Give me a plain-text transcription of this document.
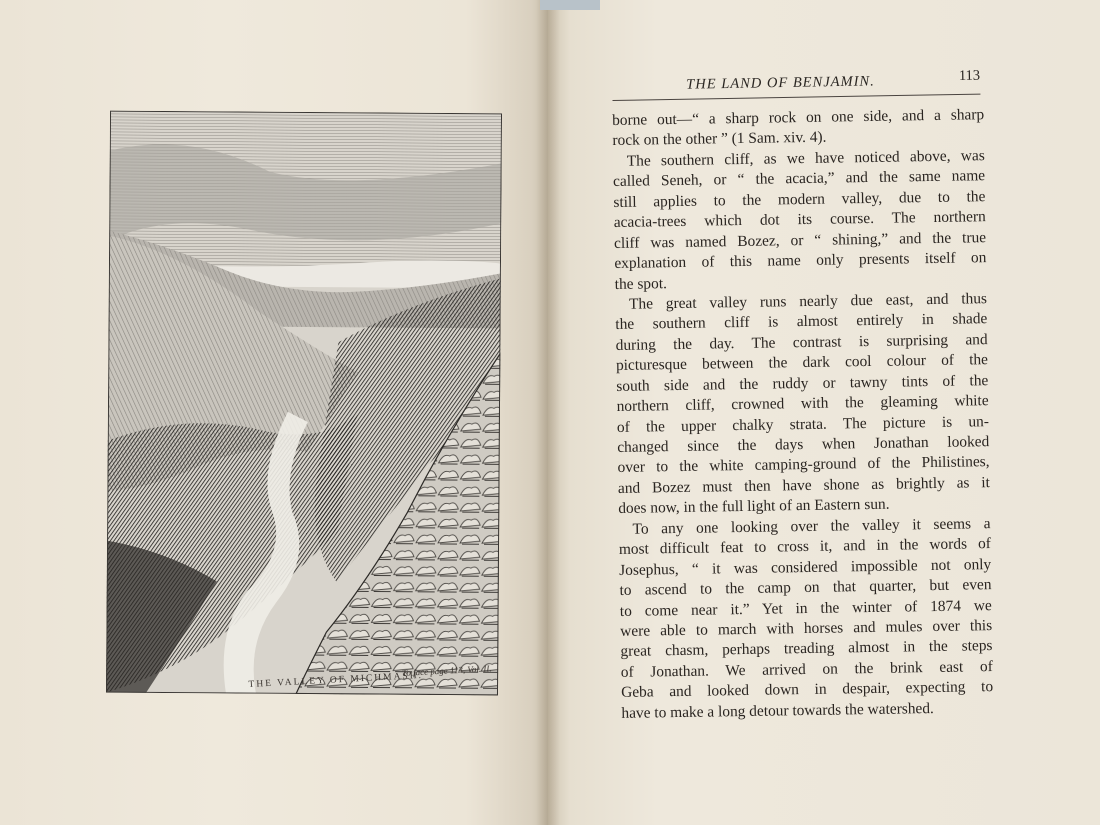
THE VALLEY OF MICHMASH.
To face page 113, Vol. II.
THE LAND OF BENJAMIN.	113
borne out—“ a sharp rock on one side, and a sharp
rock on the other ” (1 Sam. xiv. 4).
The southern cliff, as we have noticed above, was
called Seneh, or “ the acacia,” and the same name
still applies to the modern valley, due to the
acacia-trees which dot its course. The northern
cliff was named Bozez, or “ shining,” and the true
explanation of this name only presents itself on
the spot.
The great valley runs nearly due east, and thus
the southern cliff is almost entirely in shade
during the day. The contrast is surprising and
picturesque between the dark cool colour of the
south side and the ruddy or tawny tints of the
northern cliff, crowned with the gleaming white
of the upper chalky strata. The picture is un-
changed since the days when Jonathan looked
over to the white camping-ground of the Philistines,
and Bozez must then have shone as brightly as it
does now, in the full light of an Eastern sun.
To any one looking over the valley it seems a
most difficult feat to cross it, and in the words of
Josephus, “ it was considered impossible not only
to ascend to the camp on that quarter, but even
to come near it.” Yet in the winter of 1874 we
were able to march with horses and mules over this
great chasm, perhaps treading almost in the steps
of Jonathan. We arrived on the brink east of
Geba and looked down in despair, expecting to
have to make a long detour towards the watershed.
